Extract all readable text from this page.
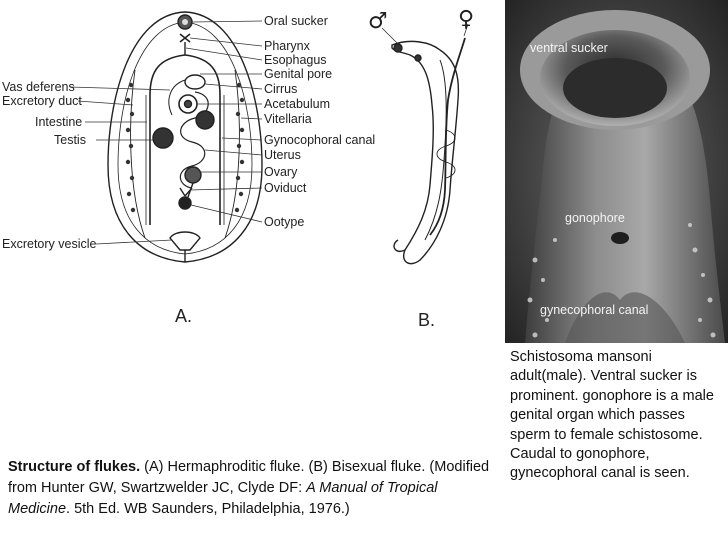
Oral sucker
Pharynx
Esophagus
Genital pore
Cirrus
Acetabulum
Vitellaria
Gynocophoral canal
Uterus
Ovary
Oviduct
Ootype
Vas deferens
Excretory duct
Intestine
Testis
Excretory vesicle
A.
♂	♀
B.
ventral sucker
gonophore
gynecophoral canal
Schistosoma mansoni adult(male). Ventral sucker is prominent. gonophore is a male genital organ which passes sperm to female schistosome. Caudal to gonophore, gynecophoral canal is seen.
Structure of flukes. (A) Hermaphroditic fluke. (B) Bisexual fluke. (Modified from Hunter GW, Swartzwelder JC, Clyde DF: A Manual of Tropical Medicine. 5th Ed. WB Saunders, Philadelphia, 1976.)
